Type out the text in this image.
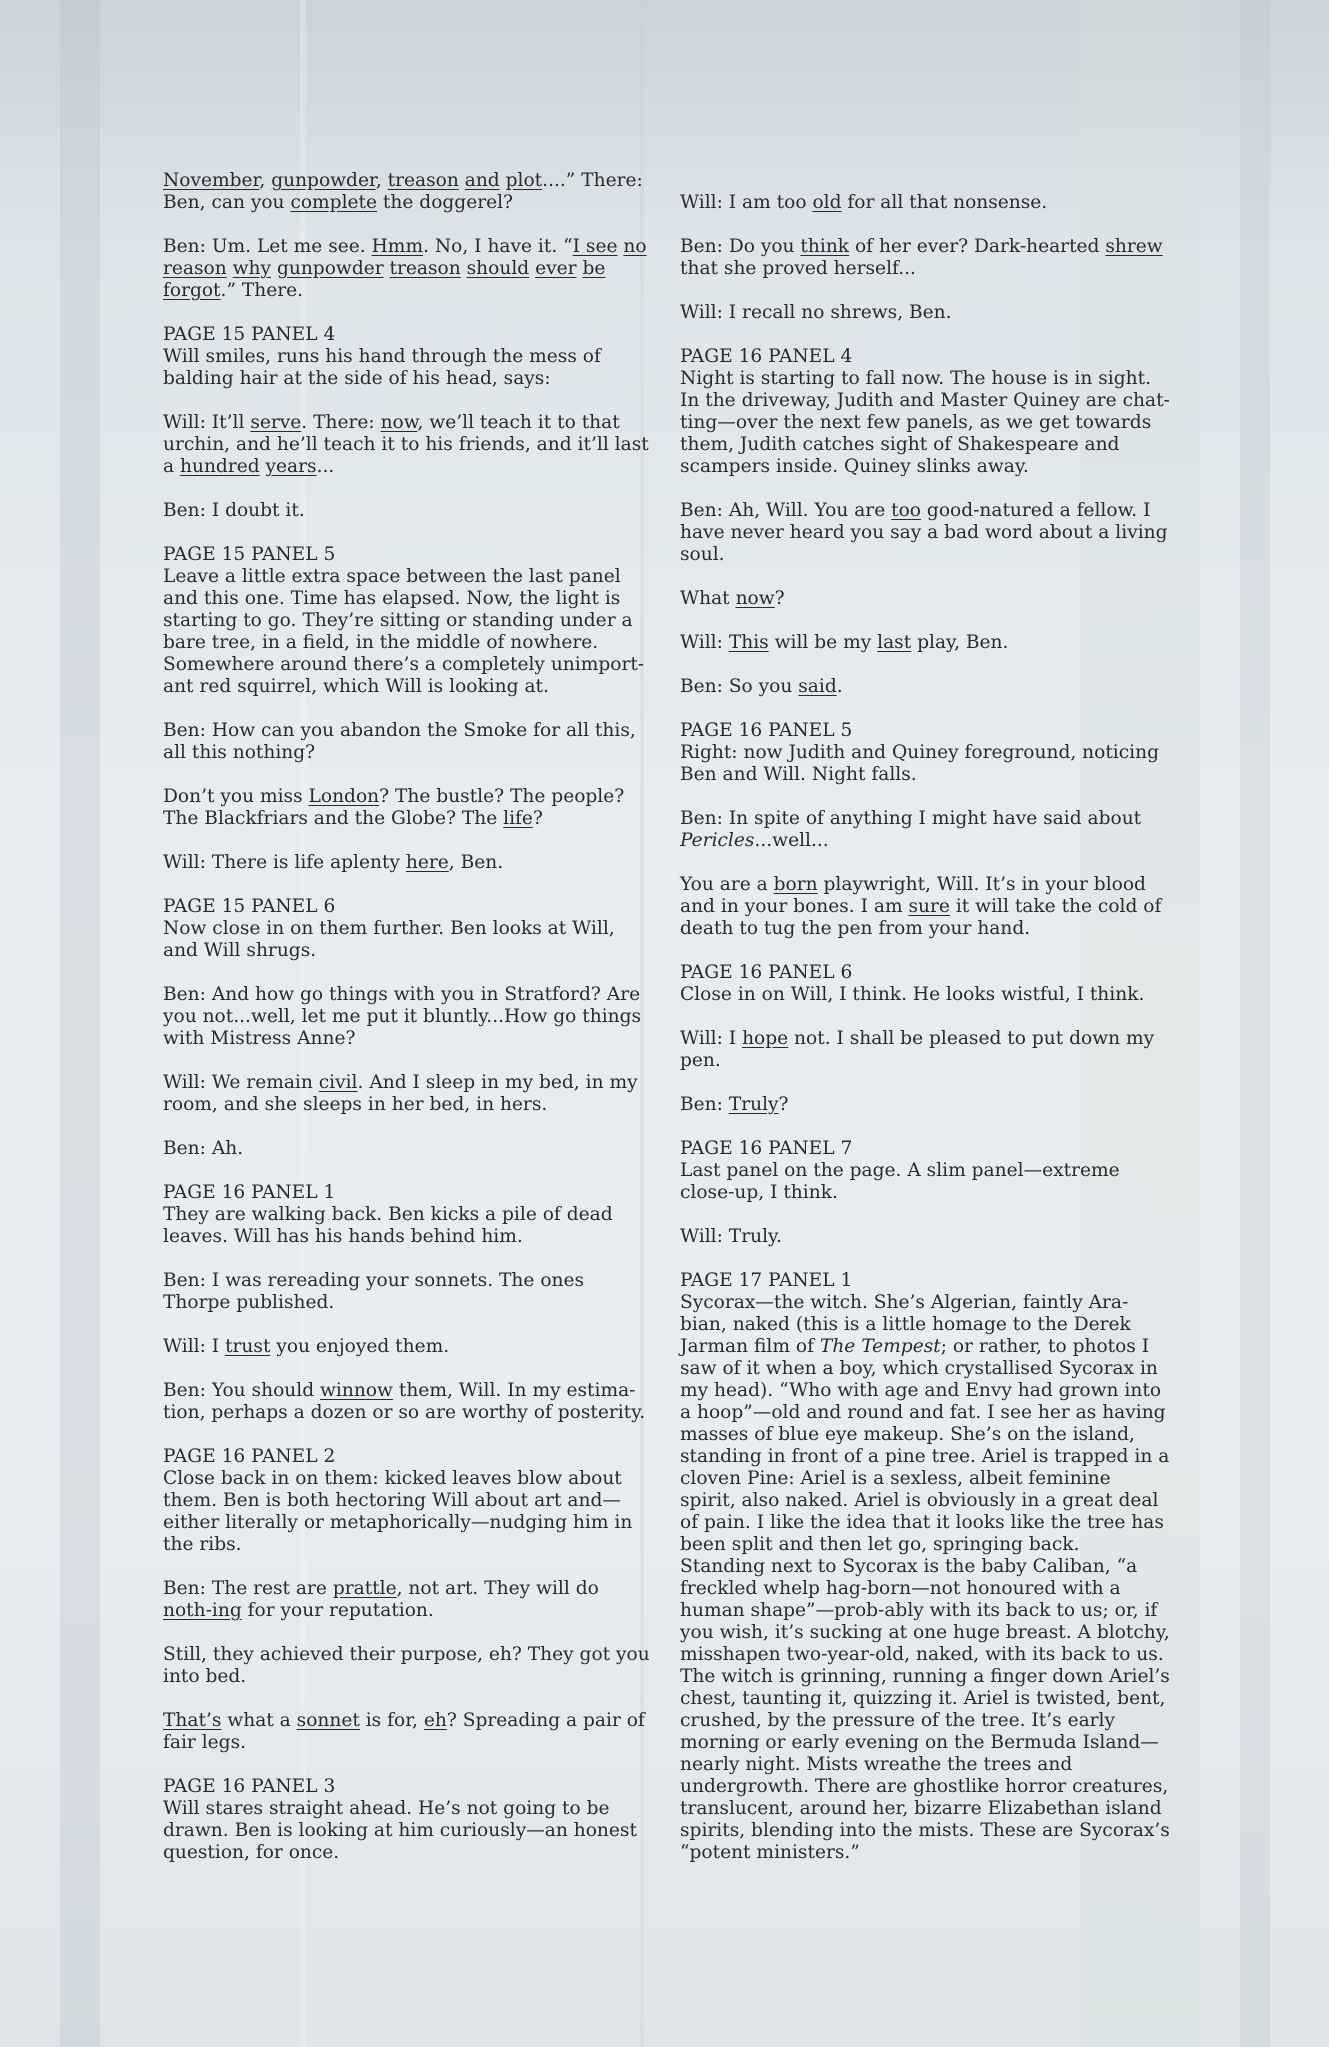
November, gunpowder, treason and plot....” There: Ben, can you complete the doggerel?
Ben: Um. Let me see. Hmm. No, I have it. “I see no reason why gunpowder treason should ever be forgot.” There.
PAGE 15 PANEL 4
Will smiles, runs his hand through the mess of balding hair at the side of his head, says:
Will: It’ll serve. There: now, we’ll teach it to that urchin, and he’ll teach it to his friends, and it’ll last a hundred years...
Ben: I doubt it.
PAGE 15 PANEL 5
Leave a little extra space between the last panel and this one. Time has elapsed. Now, the light is starting to go. They’re sitting or standing under a bare tree, in a field, in the middle of nowhere. Somewhere around there’s a completely unimport-ant red squirrel, which Will is looking at.
Ben: How can you abandon the Smoke for all this, all this nothing?
Don’t you miss London? The bustle? The people? The Blackfriars and the Globe? The life?
Will: There is life aplenty here, Ben.
PAGE 15 PANEL 6
Now close in on them further. Ben looks at Will, and Will shrugs.
Ben: And how go things with you in Stratford? Are you not...well, let me put it bluntly...How go things with Mistress Anne?
Will: We remain civil. And I sleep in my bed, in my room, and she sleeps in her bed, in hers.
Ben: Ah.
PAGE 16 PANEL 1
They are walking back. Ben kicks a pile of dead leaves. Will has his hands behind him.
Ben: I was rereading your sonnets. The ones Thorpe published.
Will: I trust you enjoyed them.
Ben: You should winnow them, Will. In my estima-tion, perhaps a dozen or so are worthy of posterity.
PAGE 16 PANEL 2
Close back in on them: kicked leaves blow about them. Ben is both hectoring Will about art and—either literally or metaphorically—nudging him in the ribs.
Ben: The rest are prattle, not art. They will do noth-ing for your reputation.
Still, they achieved their purpose, eh? They got you into bed.
That’s what a sonnet is for, eh? Spreading a pair of fair legs.
PAGE 16 PANEL 3
Will stares straight ahead. He’s not going to be drawn. Ben is looking at him curiously—an honest question, for once.
Will: I am too old for all that nonsense.
Ben: Do you think of her ever? Dark-hearted shrew that she proved herself...
Will: I recall no shrews, Ben.
PAGE 16 PANEL 4
Night is starting to fall now. The house is in sight. In the driveway, Judith and Master Quiney are chat-ting—over the next few panels, as we get towards them, Judith catches sight of Shakespeare and scampers inside. Quiney slinks away.
Ben: Ah, Will. You are too good-natured a fellow. I have never heard you say a bad word about a living soul.
What now?
Will: This will be my last play, Ben.
Ben: So you said.
PAGE 16 PANEL 5
Right: now Judith and Quiney foreground, noticing Ben and Will. Night falls.
Ben: In spite of anything I might have said about Pericles...well...
You are a born playwright, Will. It’s in your blood and in your bones. I am sure it will take the cold of death to tug the pen from your hand.
PAGE 16 PANEL 6
Close in on Will, I think. He looks wistful, I think.
Will: I hope not. I shall be pleased to put down my pen.
Ben: Truly?
PAGE 16 PANEL 7
Last panel on the page. A slim panel—extreme close-up, I think.
Will: Truly.
PAGE 17 PANEL 1
Sycorax—the witch. She’s Algerian, faintly Ara-bian, naked (this is a little homage to the Derek Jarman film of The Tempest; or rather, to photos I saw of it when a boy, which crystallised Sycorax in my head). “Who with age and Envy had grown into a hoop”—old and round and fat. I see her as having masses of blue eye makeup. She’s on the island, standing in front of a pine tree. Ariel is trapped in a cloven Pine: Ariel is a sexless, albeit feminine spirit, also naked. Ariel is obviously in a great deal of pain. I like the idea that it looks like the tree has been split and then let go, springing back. Standing next to Sycorax is the baby Caliban, “a freckled whelp hag-born—not honoured with a human shape”—prob-ably with its back to us; or, if you wish, it’s sucking at one huge breast. A blotchy, misshapen two-year-old, naked, with its back to us. The witch is grinning, running a finger down Ariel’s chest, taunting it, quizzing it. Ariel is twisted, bent, crushed, by the pressure of the tree. It’s early morning or early evening on the Bermuda Island—nearly night. Mists wreathe the trees and undergrowth. There are ghostlike horror creatures, translucent, around her, bizarre Elizabethan island spirits, blending into the mists. These are Sycorax’s “potent ministers.”
